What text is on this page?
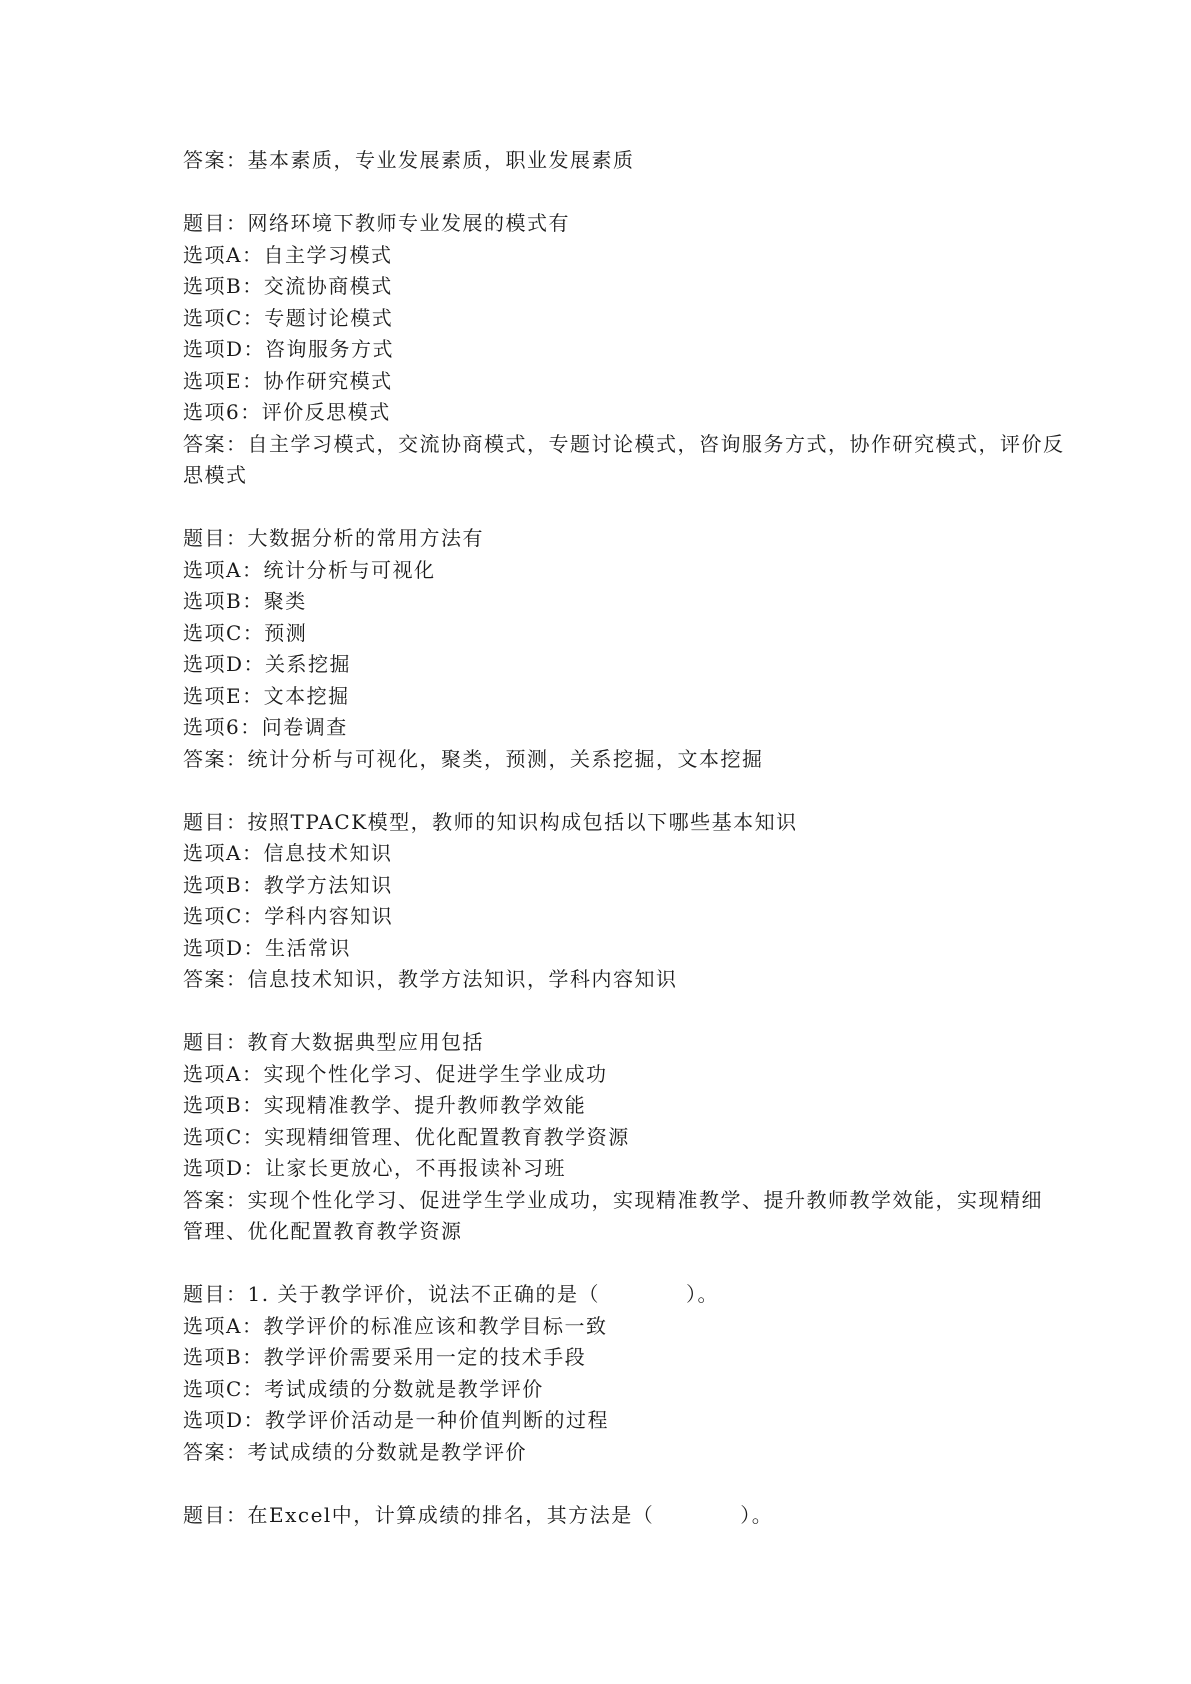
答案：基本素质，专业发展素质，职业发展素质
题目：网络环境下教师专业发展的模式有
选项A：自主学习模式
选项B：交流协商模式
选项C：专题讨论模式
选项D：咨询服务方式
选项E：协作研究模式
选项6：评价反思模式
答案：自主学习模式，交流协商模式，专题讨论模式，咨询服务方式，协作研究模式，评价反
思模式
题目：大数据分析的常用方法有
选项A：统计分析与可视化
选项B：聚类
选项C：预测
选项D：关系挖掘
选项E：文本挖掘
选项6：问卷调查
答案：统计分析与可视化，聚类，预测，关系挖掘，文本挖掘
题目：按照TPACK模型，教师的知识构成包括以下哪些基本知识
选项A：信息技术知识
选项B：教学方法知识
选项C：学科内容知识
选项D：生活常识
答案：信息技术知识，教学方法知识，学科内容知识
题目：教育大数据典型应用包括
选项A：实现个性化学习、促进学生学业成功
选项B：实现精准教学、提升教师教学效能
选项C：实现精细管理、优化配置教育教学资源
选项D：让家长更放心，不再报读补习班
答案：实现个性化学习、促进学生学业成功，实现精准教学、提升教师教学效能，实现精细
管理、优化配置教育教学资源
题目：1. 关于教学评价，说法不正确的是（　　　　）。
选项A：教学评价的标准应该和教学目标一致
选项B：教学评价需要采用一定的技术手段
选项C：考试成绩的分数就是教学评价
选项D：教学评价活动是一种价值判断的过程
答案：考试成绩的分数就是教学评价
题目：在Excel中，计算成绩的排名，其方法是（　　　　）。
